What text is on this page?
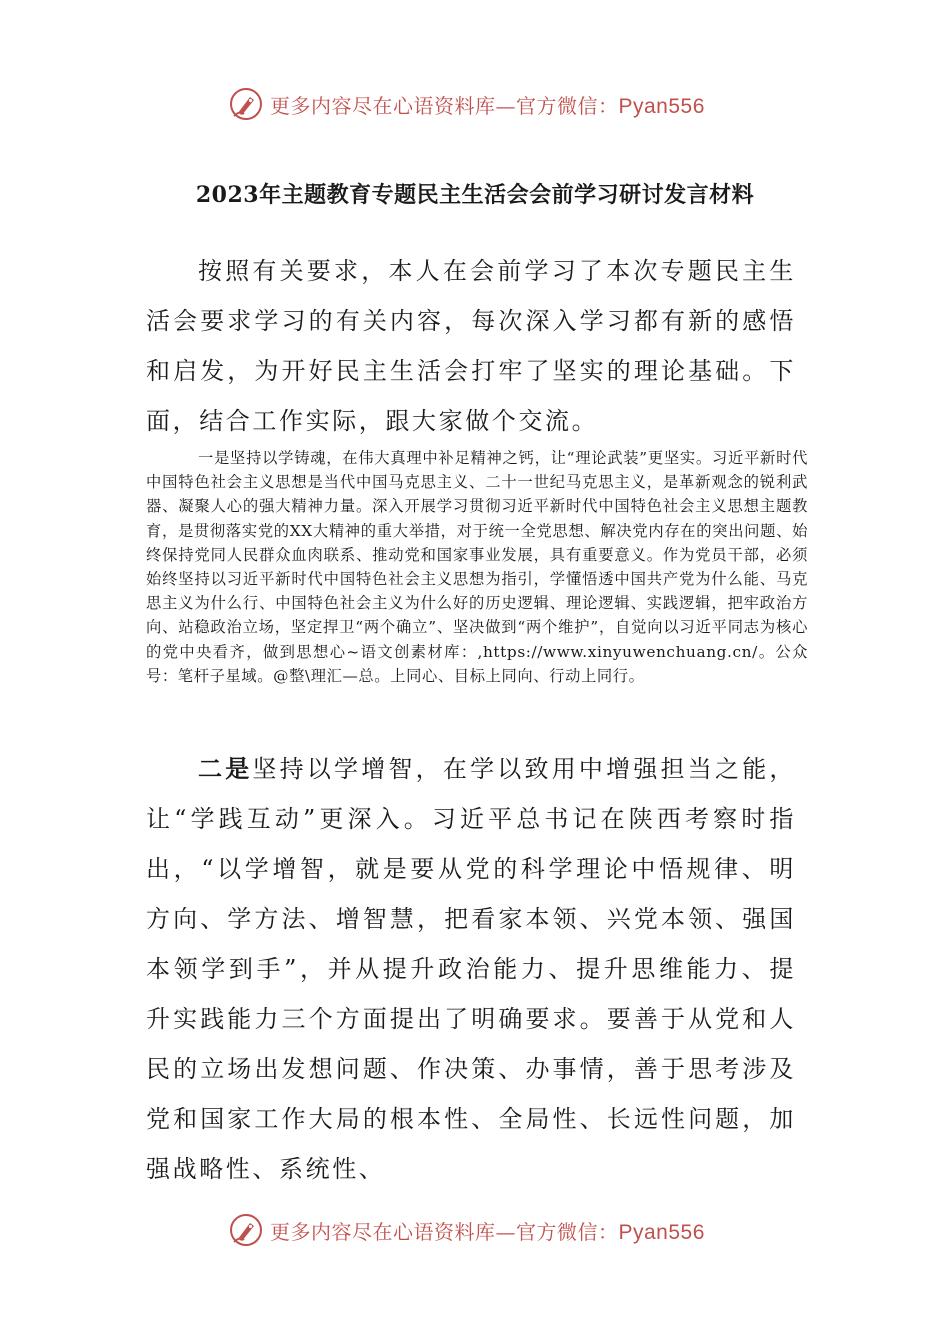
更多内容尽在心语资料库—官方微信：Pyan556
2023年主题教育专题民主生活会会前学习研讨发言材料
按照有关要求，本人在会前学习了本次专题民主生活会要求学习的有关内容，每次深入学习都有新的感悟和启发，为开好民主生活会打牢了坚实的理论基础。下面，结合工作实际，跟大家做个交流。
一是坚持以学铸魂，在伟大真理中补足精神之钙，让“理论武装”更坚实。习近平新时代中国特色社会主义思想是当代中国马克思主义、二十一世纪马克思主义，是革新观念的锐利武器、凝聚人心的强大精神力量。深入开展学习贯彻习近平新时代中国特色社会主义思想主题教育，是贯彻落实党的XX大精神的重大举措，对于统一全党思想、解决党内存在的突出问题、始终保持党同人民群众血肉联系、推动党和国家事业发展，具有重要意义。作为党员干部，必须始终坚持以习近平新时代中国特色社会主义思想为指引，学懂悟透中国共产党为什么能、马克思主义为什么行、中国特色社会主义为什么好的历史逻辑、理论逻辑、实践逻辑，把牢政治方向、站稳政治立场，坚定捍卫“两个确立”、坚决做到“两个维护”，自觉向以习近平同志为核心的党中央看齐，做到思想心~语文创素材库：,https://www.xinyuwenchuang.cn/。公众号：笔杆子星域。@整\理汇—总。上同心、目标上同向、行动上同行。
二是坚持以学增智，在学以致用中增强担当之能，让“学践互动”更深入。习近平总书记在陕西考察时指出，“以学增智，就是要从党的科学理论中悟规律、明方向、学方法、增智慧，把看家本领、兴党本领、强国本领学到手”，并从提升政治能力、提升思维能力、提升实践能力三个方面提出了明确要求。要善于从党和人民的立场出发想问题、作决策、办事情，善于思考涉及党和国家工作大局的根本性、全局性、长远性问题，加强战略性、系统性、
更多内容尽在心语资料库—官方微信：Pyan556
